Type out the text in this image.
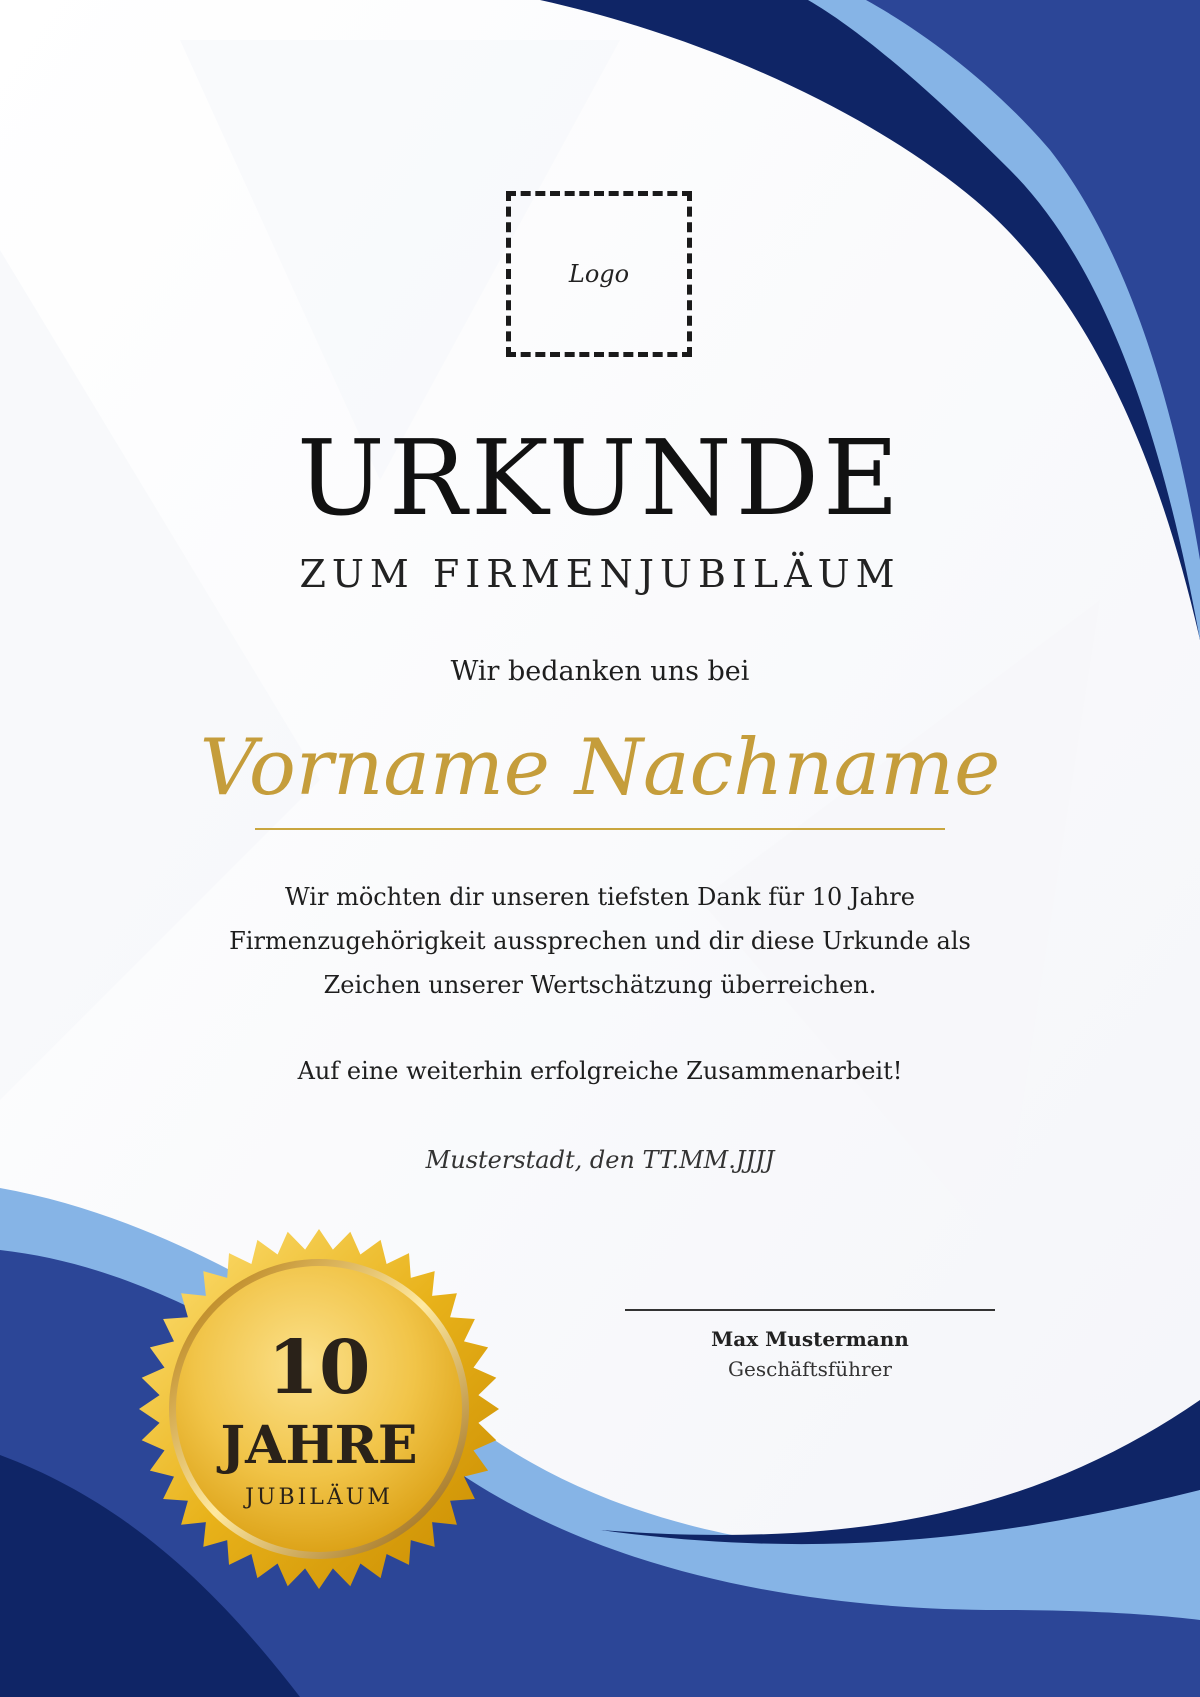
Logo
URKUNDE
ZUM FIRMENJUBILÄUM
Wir bedanken uns bei
Vorname Nachname

Wir möchten dir unseren tiefsten Dank für 10 Jahre

Firmenzugehörigkeit aussprechen und dir diese Urkunde als

Zeichen unserer Wertschätzung überreichen.

Auf eine weiterhin erfolgreiche Zusammenarbeit!
Musterstadt, den TT.MM.JJJJ
Max Mustermann
Geschäftsführer
10
JAHRE
JUBILÄUM
